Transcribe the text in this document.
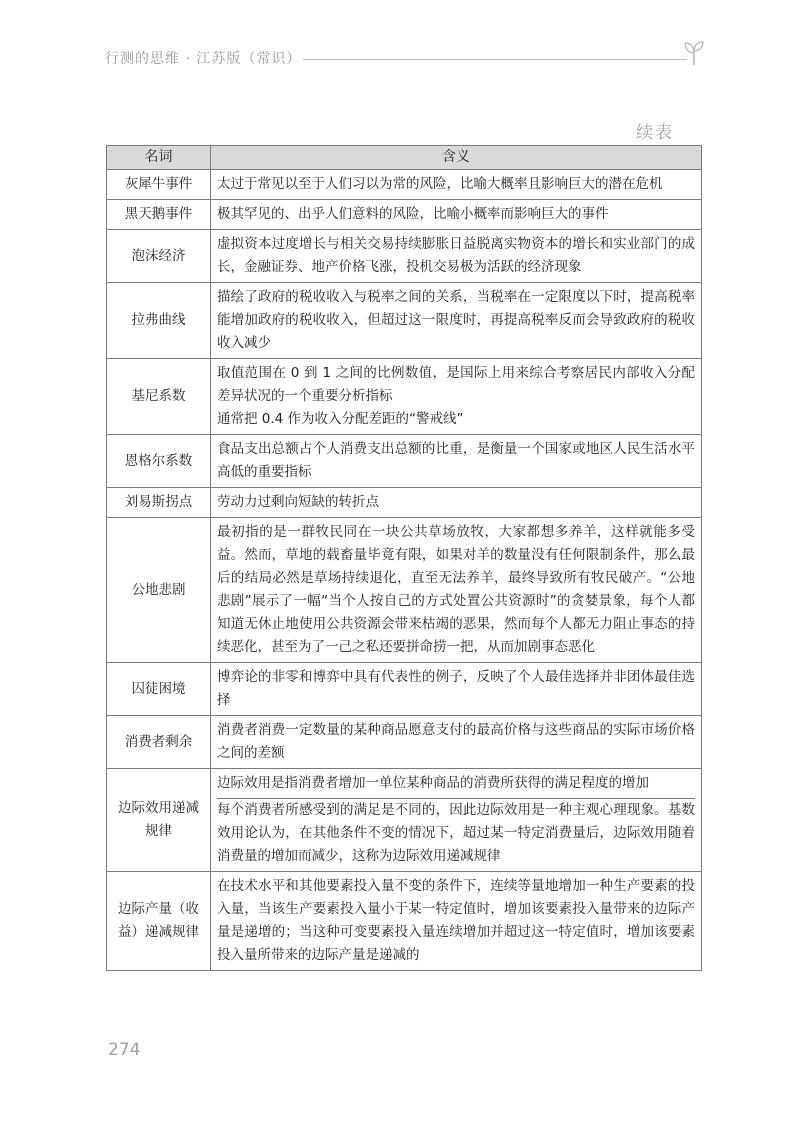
行测的思维 · 江苏版（常识）
续表
名词	含义
灰犀牛事件	太过于常见以至于人们习以为常的风险，比喻大概率且影响巨大的潜在危机

黑天鹅事件	极其罕见的、出乎人们意料的风险，比喻小概率而影响巨大的事件

泡沫经济	虚拟资本过度增长与相关交易持续膨胀日益脱离实物资本的增长和实业部门的成长，金融证券、地产价格飞涨，投机交易极为活跃的经济现象

拉弗曲线	描绘了政府的税收收入与税率之间的关系，当税率在一定限度以下时，提高税率能增加政府的税收收入，但超过这一限度时，再提高税率反而会导致政府的税收收入减少

基尼系数	取值范围在 0 到 1 之间的比例数值，是国际上用来综合考察居民内部收入分配差异状况的一个重要分析指标
通常把 0.4 作为收入分配差距的“警戒线”

恩格尔系数	食品支出总额占个人消费支出总额的比重，是衡量一个国家或地区人民生活水平高低的重要指标

刘易斯拐点	劳动力过剩向短缺的转折点

公地悲剧	最初指的是一群牧民同在一块公共草场放牧，大家都想多养羊，这样就能多受益。然而，草地的载畜量毕竟有限，如果对羊的数量没有任何限制条件，那么最后的结局必然是草场持续退化，直至无法养羊，最终导致所有牧民破产。“公地悲剧”展示了一幅“当个人按自己的方式处置公共资源时”的贪婪景象，每个人都知道无休止地使用公共资源会带来枯竭的恶果，然而每个人都无力阻止事态的持续恶化，甚至为了一己之私还要拼命捞一把，从而加剧事态恶化

囚徒困境	博弈论的非零和博弈中具有代表性的例子，反映了个人最佳选择并非团体最佳选择

消费者剩余	消费者消费一定数量的某种商品愿意支付的最高价格与这些商品的实际市场价格之间的差额

边际效用递减规律	边际效用是指消费者增加一单位某种商品的消费所获得的满足程度的增加
每个消费者所感受到的满足是不同的，因此边际效用是一种主观心理现象。基数效用论认为，在其他条件不变的情况下，超过某一特定消费量后，边际效用随着消费量的增加而减少，这称为边际效用递减规律

边际产量（收益）递减规律	在技术水平和其他要素投入量不变的条件下，连续等量地增加一种生产要素的投入量，当该生产要素投入量小于某一特定值时，增加该要素投入量带来的边际产量是递增的；当这种可变要素投入量连续增加并超过这一特定值时，增加该要素投入量所带来的边际产量是递减的
274
